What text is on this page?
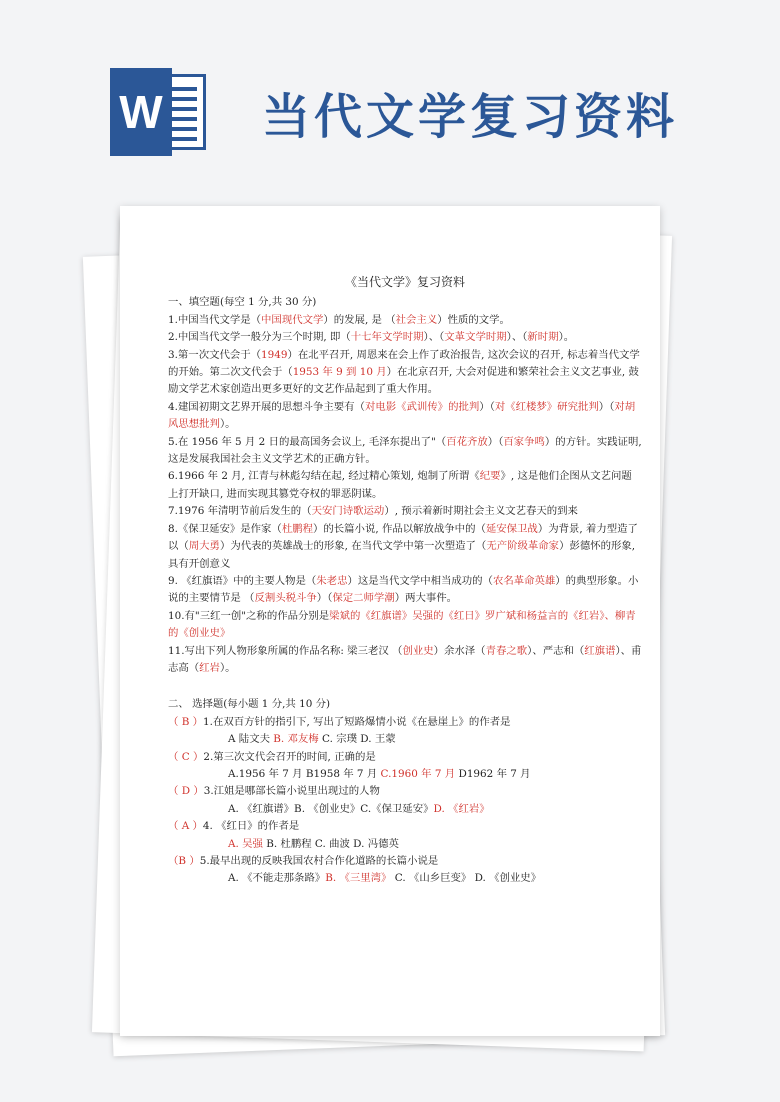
W 当代文学复习资料

《当代文学》复习资料

一、填空题(每空 1 分,共 30 分)

1.中国当代文学是（中国现代文学）的发展, 是 （社会主义）性质的文学。

2.中国当代文学一般分为三个时期, 即（十七年文学时期）、（文革文学时期）、（新时期）。

3.第一次文代会于（1949）在北平召开, 周恩来在会上作了政治报告, 这次会议的召开, 标志着当代文学的开始。第二次文代会于（1953 年 9 到 10 月）在北京召开, 大会对促进和繁荣社会主义文艺事业, 鼓励文学艺术家创造出更多更好的文艺作品起到了重大作用。

4.建国初期文艺界开展的思想斗争主要有（对电影《武训传》的批判）（对《红楼梦》研究批判）（对胡风思想批判）。

5.在 1956 年 5 月 2 日的最高国务会议上, 毛泽东提出了"（百花齐放）（百家争鸣）的方针。实践证明, 这是发展我国社会主义文学艺术的正确方针。

6.1966 年 2 月, 江青与林彪勾结在起, 经过精心策划, 炮制了所谓《纪要》, 这是他们企图从文艺问题上打开缺口, 进而实现其篡党夺权的罪恶阴谋。

7.1976 年清明节前后发生的（天安门诗歌运动）, 预示着新时期社会主义文艺春天的到来

8.《保卫延安》是作家（杜鹏程）的长篇小说, 作品以解放战争中的（延安保卫战）为背景, 着力型造了以（周大勇）为代表的英雄战士的形象, 在当代文学中第一次塑造了（无产阶级革命家）彭德怀的形象, 具有开创意义

9. 《红旗语》中的主要人物是（朱老忠）这是当代文学中相当成功的（农名革命英雄）的典型形象。小说的主要情节是 （反割头税斗争）（保定二师学潮）两大事件。

10.有"三红一创"之称的作品分别是梁斌的《红旗谱》吴强的《红日》罗广斌和杨益言的《红岩》、柳青的《创业史》

11.写出下列人物形象所属的作品名称: 梁三老汉 （创业史）余水泽（青春之歌）、严志和（红旗谱）、甫志高（红岩）。

二、 选择题(每小题 1 分,共 10 分)

（ B ）1.在双百方针的指引下, 写出了短路爆情小说《在悬崖上》的作者是

A 陆文夫 B. 邓友梅 C. 宗璞 D. 王蒙

（ C ）2.第三次文代会召开的时间, 正确的是

A.1956 年 7 月 B1958 年 7 月 C.1960 年 7 月 D1962 年 7 月

（ D ）3.江姐是哪部长篇小说里出现过的人物

A. 《红旗谱》B. 《创业史》C.《保卫延安》D. 《红岩》

（ A ）4. 《红日》的作者是

A. 吴强 B. 杜鹏程 C. 曲波 D. 冯德英

（B ）5.最早出现的反映我国农村合作化道路的长篇小说是

A. 《不能走那条路》B. 《三里湾》 C. 《山乡巨变》 D. 《创业史》
